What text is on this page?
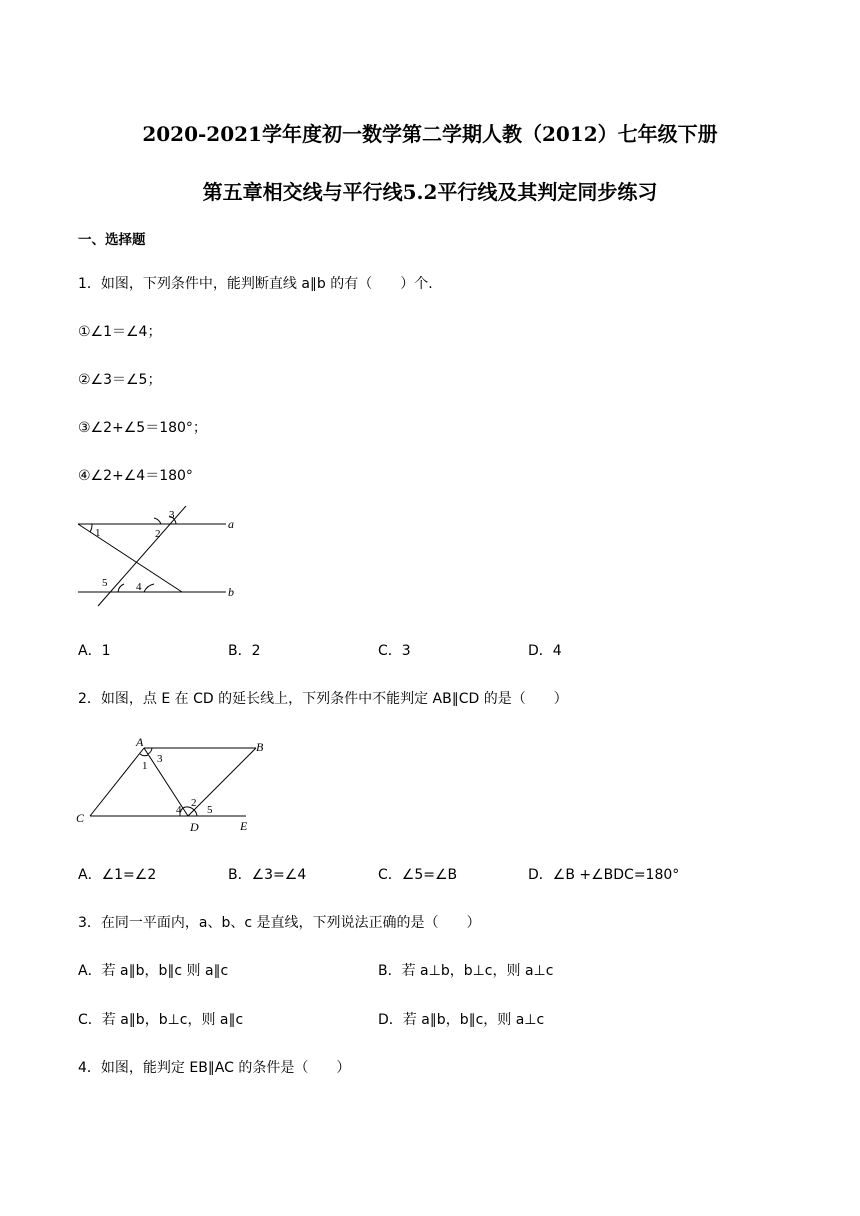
2020-2021学年度初一数学第二学期人教（2012）七年级下册
第五章相交线与平行线5.2平行线及其判定同步练习
一、选择题
1．如图，下列条件中，能判断直线 a∥b 的有（　　）个.
①∠1＝∠4；
②∠3＝∠5；
③∠2+∠5＝180°；
④∠2+∠4＝180°
a
b
1	2
3
4
5
A．1	B．2	C．3	D．4
2．如图，点 E 在 CD 的延长线上，下列条件中不能判定 AB∥CD 的是（　　）
A	B
C
D	E
1
2
3
4 5
A．∠1=∠2	B．∠3=∠4	C．∠5=∠B	D．∠B +∠BDC=180°
3．在同一平面内，a、b、c 是直线，下列说法正确的是（　　）
A．若 a∥b，b∥c 则 a∥c	B．若 a⊥b，b⊥c，则 a⊥c
C．若 a∥b，b⊥c，则 a∥c	D．若 a∥b，b∥c，则 a⊥c
4．如图，能判定 EB∥AC 的条件是（　　）
